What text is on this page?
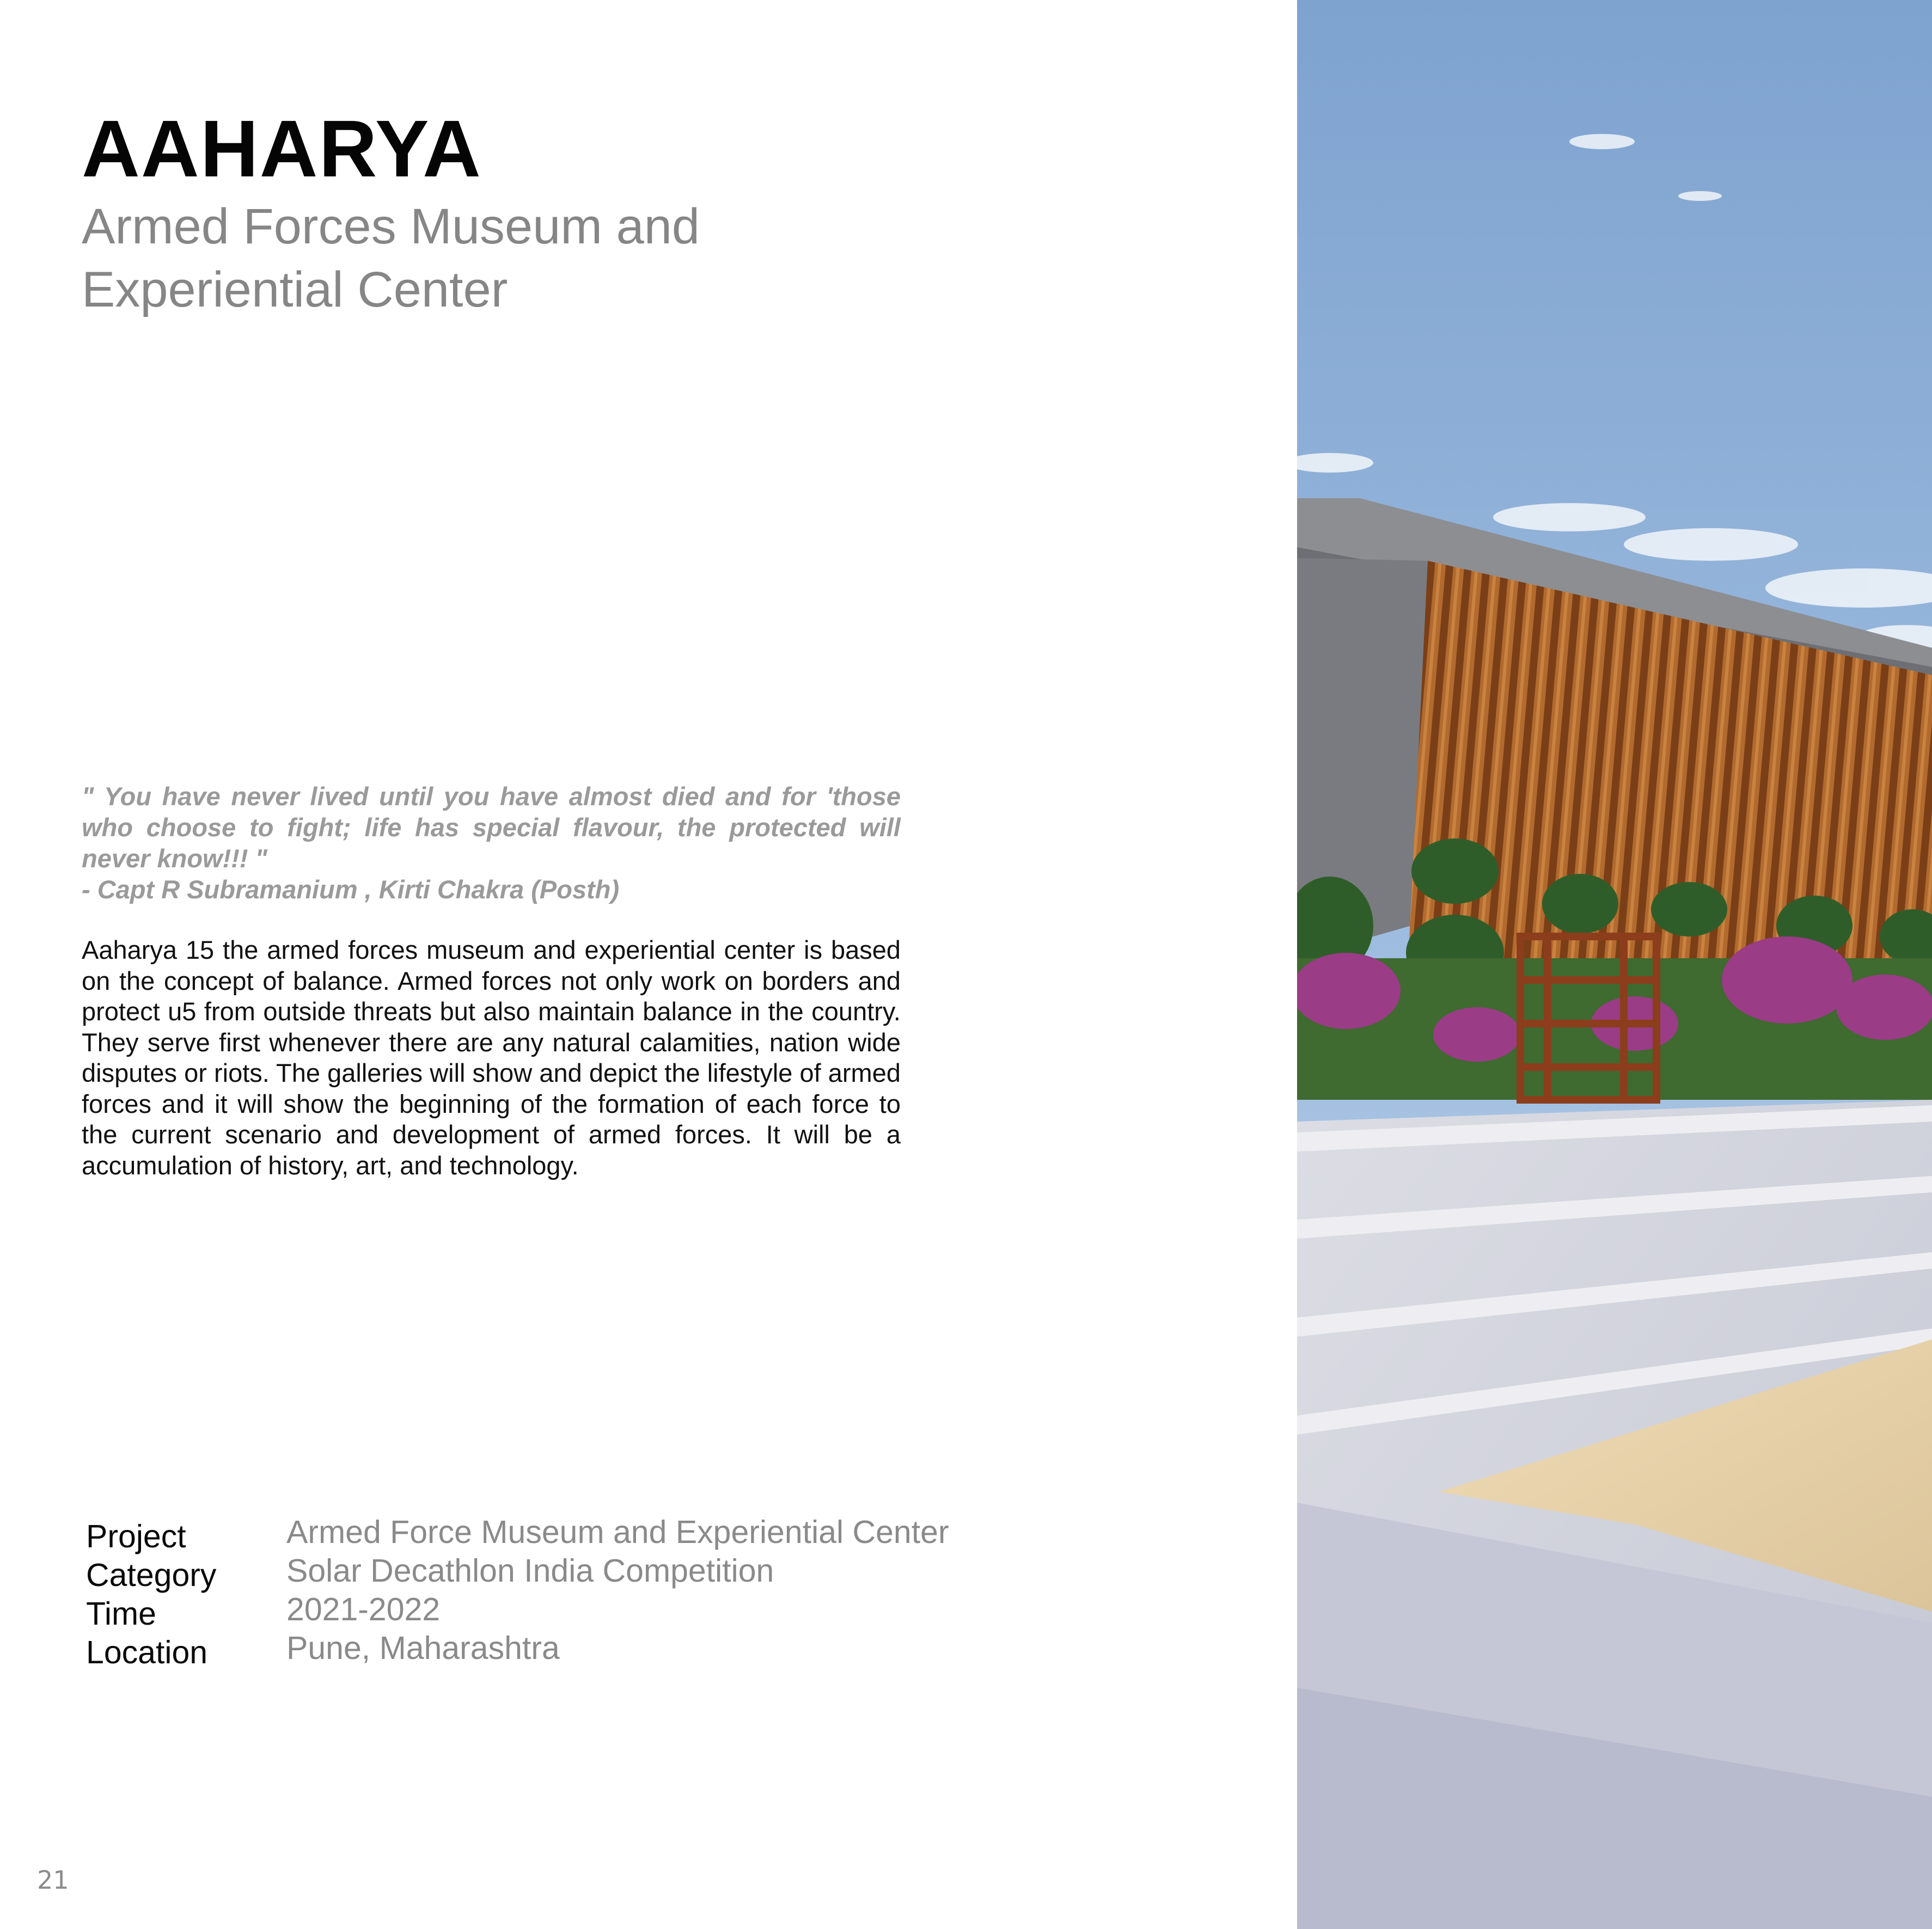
AAHARYA
Armed Forces Museum and
Experiential Center
" You have never lived until you have almost died and for 'those who choose to fight; life has special flavour, the protected will never know!!! "
- Capt R Subramanium , Kirti Chakra (Posth)
Aaharya 15 the armed forces museum and experiential center is based on the concept of balance. Armed forces not only work on borders and protect u5 from outside threats but also maintain balance in the country. They serve first whenever there are any natural calamities, nation wide disputes or riots. The galleries will show and depict the lifestyle of armed forces and it will show the beginning of the formation of each force to the current scenario and development of armed forces. It will be a accumulation of history, art, and technology.
Project	Armed Force Museum and Experiential Center
Category Solar Decathlon India Competition
Time	2021-2022
Location Pune, Maharashtra
21
